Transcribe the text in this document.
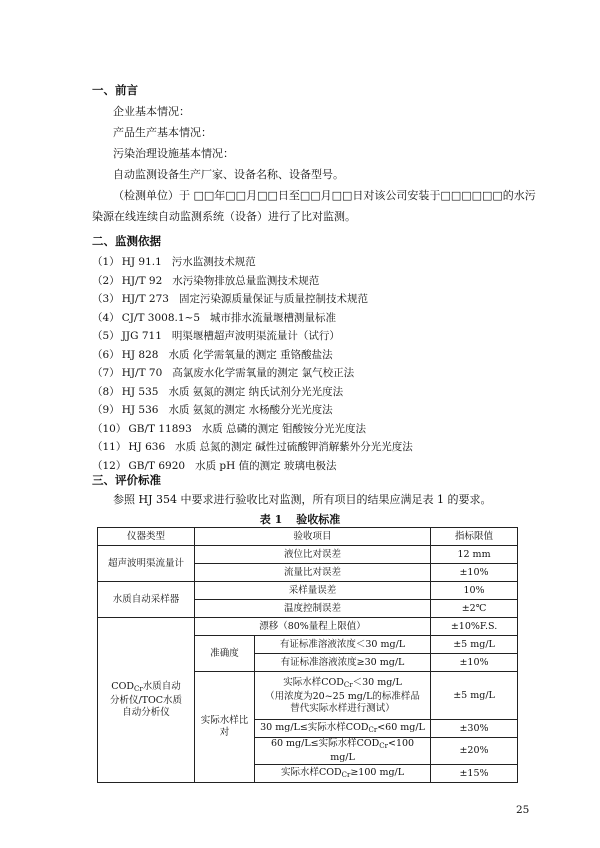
一、前言
企业基本情况：
产品生产基本情况：
污染治理设施基本情况：
自动监测设备生产厂家、设备名称、设备型号。
（检测单位）于 □□年□□月□□日至□□月□□日对该公司安装于□□□□□□的水污
染源在线连续自动监测系统（设备）进行了比对监测。
二、监测依据
（1） HJ 91.1 污水监测技术规范
（2） HJ/T 92 水污染物排放总量监测技术规范
（3） HJ/T 273 固定污染源质量保证与质量控制技术规范
（4） CJ/T 3008.1~5 城市排水流量堰槽测量标准
（5） JJG 711 明渠堰槽超声波明渠流量计（试行）
（6） HJ 828 水质 化学需氧量的测定 重铬酸盐法
（7） HJ/T 70 高氯废水化学需氧量的测定 氯气校正法
（8） HJ 535 水质 氨氮的测定 纳氏试剂分光光度法
（9） HJ 536 水质 氨氮的测定 水杨酸分光光度法
（10） GB/T 11893 水质 总磷的测定 钼酸铵分光光度法
（11） HJ 636 水质 总氮的测定 碱性过硫酸钾消解紫外分光光度法
（12） GB/T 6920 水质 pH 值的测定 玻璃电极法
三、评价标准
参照 HJ 354 中要求进行验收比对监测，所有项目的结果应满足表 1 的要求。
表 1 验收标准
仪器类型	验收项目		指标限值
超声波明渠流量计	液位比对误差		12 mm
	流量比对误差		±10%
水质自动采样器	采样量误差		10%
	温度控制误差		±2℃
$COD_{Cr}$水质自动分析仪/TOC水质自动分析仪	漂移（80%量程上限值）		±10%F.S.
	准确度	有证标准溶液浓度＜30 mg/L	±5 mg/L
		有证标准溶液浓度≥30 mg/L	±10%
	实际水样比对	实际水样$COD_{Cr}<30$ mg/L
（用浓度为20~25 mg/L的标准样品替代实际水样进行测试）	±5 mg/L
		30 mg/L≤实际水样$COD_{Cr}<60$ mg/L	±30%
		60 mg/L≤实际水样$COD_{Cr}<100$ mg/L	±20%
		实际水样$COD_{Cr}\ge 100$ mg/L	±15%
25
